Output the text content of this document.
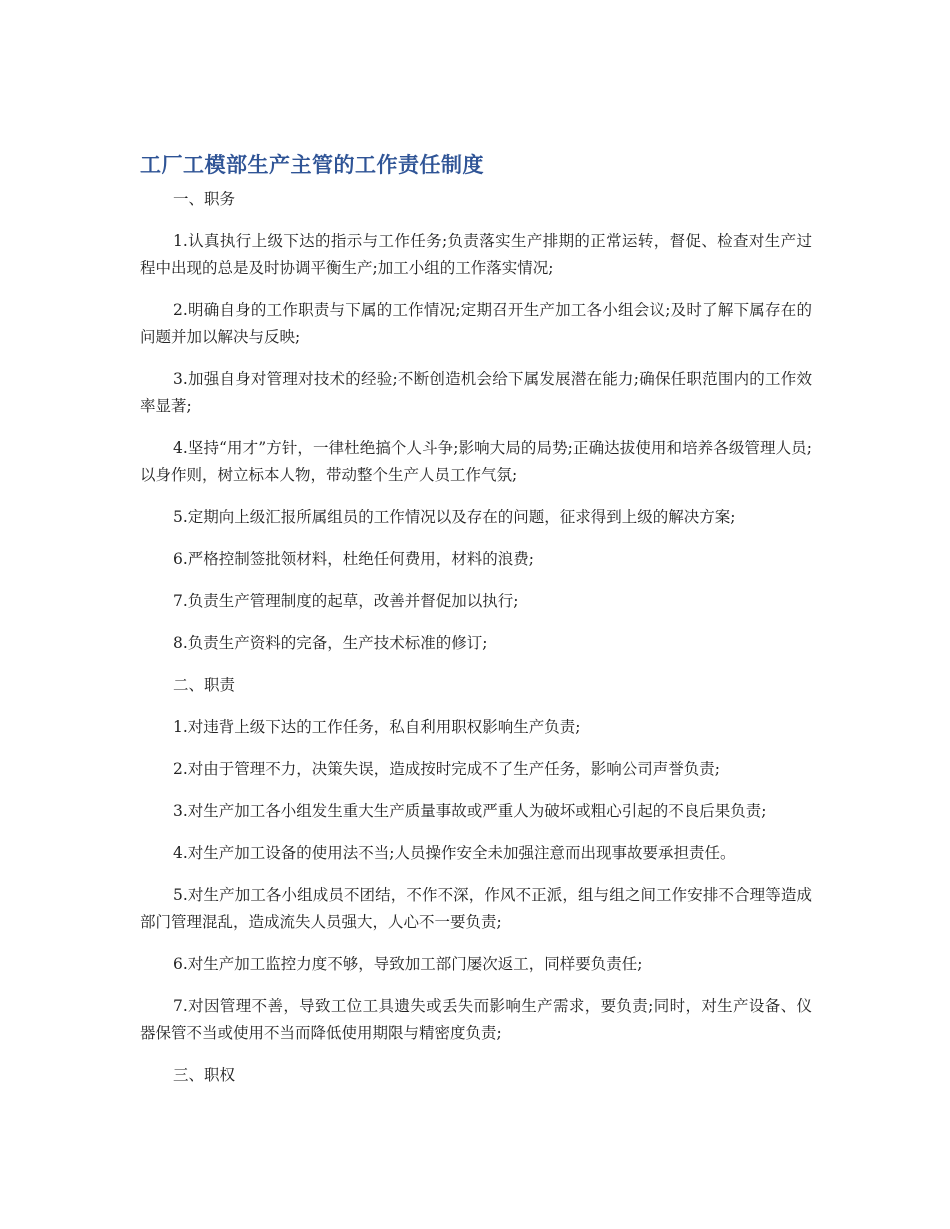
工厂工模部生产主管的工作责任制度

一、职务

1.认真执行上级下达的指示与工作任务;负责落实生产排期的正常运转，督促、检查对生产过程中出现的总是及时协调平衡生产;加工小组的工作落实情况;

2.明确自身的工作职责与下属的工作情况;定期召开生产加工各小组会议;及时了解下属存在的问题并加以解决与反映;

3.加强自身对管理对技术的经验;不断创造机会给下属发展潜在能力;确保任职范围内的工作效率显著;

4.坚持“用才”方针，一律杜绝搞个人斗争;影响大局的局势;正确达拔使用和培养各级管理人员;以身作则，树立标本人物，带动整个生产人员工作气氛;

5.定期向上级汇报所属组员的工作情况以及存在的问题，征求得到上级的解决方案;

6.严格控制签批领材料，杜绝任何费用，材料的浪费;

7.负责生产管理制度的起草，改善并督促加以执行;

8.负责生产资料的完备，生产技术标准的修订;

二、职责

1.对违背上级下达的工作任务，私自利用职权影响生产负责;

2.对由于管理不力，决策失误，造成按时完成不了生产任务，影响公司声誉负责;

3.对生产加工各小组发生重大生产质量事故或严重人为破坏或粗心引起的不良后果负责;

4.对生产加工设备的使用法不当;人员操作安全未加强注意而出现事故要承担责任。

5.对生产加工各小组成员不团结，不作不深，作风不正派，组与组之间工作安排不合理等造成部门管理混乱，造成流失人员强大，人心不一要负责;

6.对生产加工监控力度不够，导致加工部门屡次返工，同样要负责任;

7.对因管理不善，导致工位工具遗失或丢失而影响生产需求，要负责;同时，对生产设备、仪器保管不当或使用不当而降低使用期限与精密度负责;

三、职权
